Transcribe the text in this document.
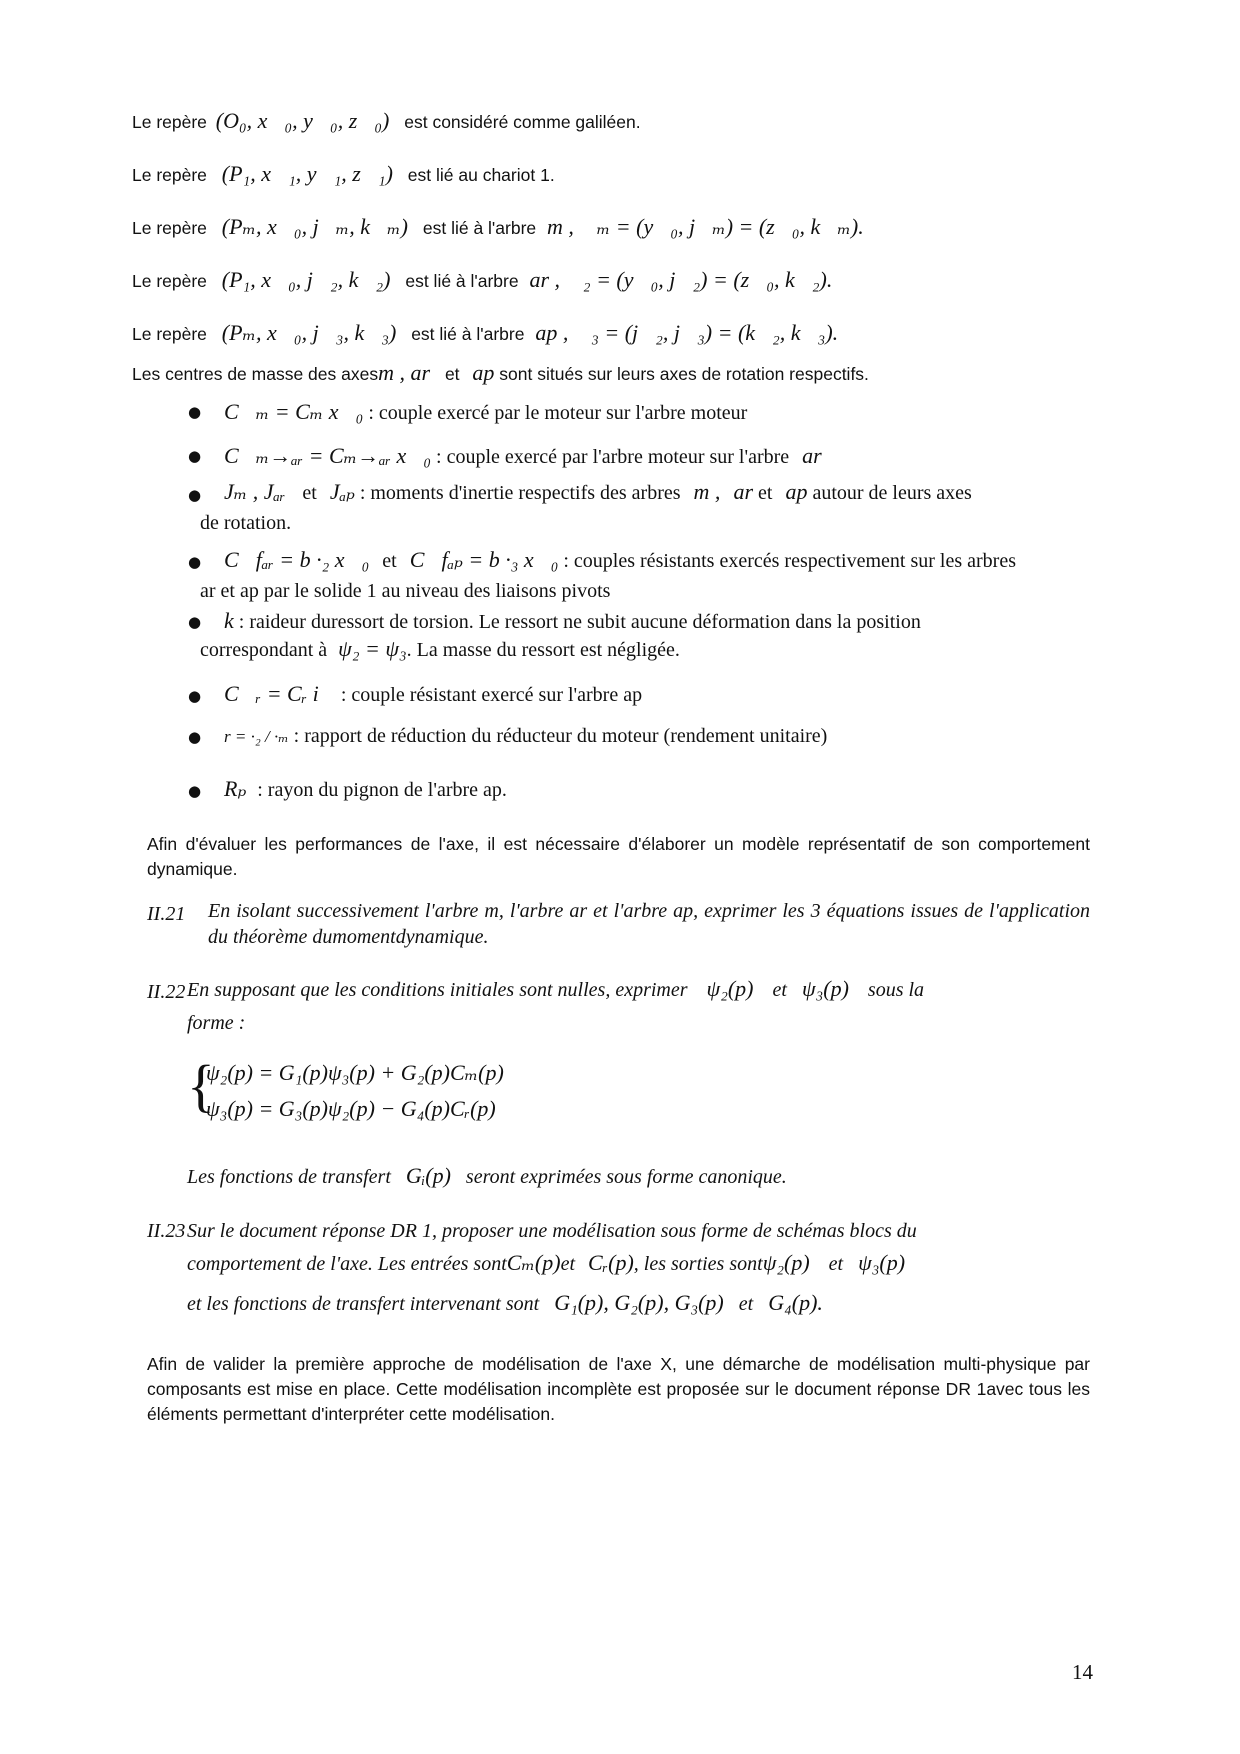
Le repère (O₀, x⃗₀, y⃗₀, z⃗₀) est considéré comme galiléen.
Le repère (P₁, x⃗₁, y⃗₁, z⃗₁) est lié au chariot 1.
Le repère (Pₘ, x⃗₀, j⃗ₘ, k⃗ₘ) est lié à l'arbre m , ₘ = (y⃗₀, j⃗ₘ) = (z⃗₀, k⃗ₘ).
Le repère (P₁, x⃗₀, j⃗₂, k⃗₂) est lié à l'arbre ar , ₂ = (y⃗₀, j⃗₂) = (z⃗₀, k⃗₂).
Le repère (Pₘ, x⃗₀, j⃗₃, k⃗₃) est lié à l'arbre ap , ₃ = (j⃗₂, j⃗₃) = (k⃗₂, k⃗₃).
Les centres de masse des axesm , ar et ap sont situés sur leurs axes de rotation respectifs.
● C⃗ₘ = Cₘ x⃗₀ : couple exercé par le moteur sur l'arbre moteur
● C⃗ₘ→ₐᵣ = Cₘ→ₐᵣ x⃗₀ : couple exercé par l'arbre moteur sur l'arbre ar
● Jₘ , Jₐᵣ et Jₐₚ : moments d'inertie respectifs des arbres m , ar et ap autour de leurs axes
de rotation.
● C⃗fₐᵣ = b ·₂ x⃗₀ et C⃗fₐₚ = b ·₃ x⃗₀ : couples résistants exercés respectivement sur les arbres
ar et ap par le solide 1 au niveau des liaisons pivots
● k : raideur duressort de torsion. Le ressort ne subit aucune déformation dans la position
correspondant à ψ₂ = ψ₃. La masse du ressort est négligée.
● C⃗ᵣ = Cᵣ i⃗ : couple résistant exercé sur l'arbre ap
● r = ·₂ / ·ₘ : rapport de réduction du réducteur du moteur (rendement unitaire)
● Rₚ : rayon du pignon de l'arbre ap.
Afin d'évaluer les performances de l'axe, il est nécessaire d'élaborer un modèle représentatif de son comportement dynamique.
II.21 En isolant successivement l'arbre m, l'arbre ar et l'arbre ap, exprimer les 3 équations issues de l'application du théorème dumomentdynamique.
II.22 En supposant que les conditions initiales sont nulles, exprimer ψ₂(p) et ψ₃(p) sous la
forme :
{
ψ₂(p) = G₁(p)ψ₃(p) + G₂(p)Cₘ(p)
ψ₃(p) = G₃(p)ψ₂(p) − G₄(p)Cᵣ(p)
Les fonctions de transfert Gᵢ(p) seront exprimées sous forme canonique.
II.23 Sur le document réponse DR 1, proposer une modélisation sous forme de schémas blocs du
comportement de l'axe. Les entrées sontCₘ(p)et Cᵣ(p), les sorties sontψ₂(p) et ψ₃(p)
et les fonctions de transfert intervenant sont G₁(p), G₂(p), G₃(p) et G₄(p).
Afin de valider la première approche de modélisation de l'axe X, une démarche de modélisation multi-physique par composants est mise en place. Cette modélisation incomplète est proposée sur le document réponse DR 1avec tous les éléments permettant d'interpréter cette modélisation.
14
